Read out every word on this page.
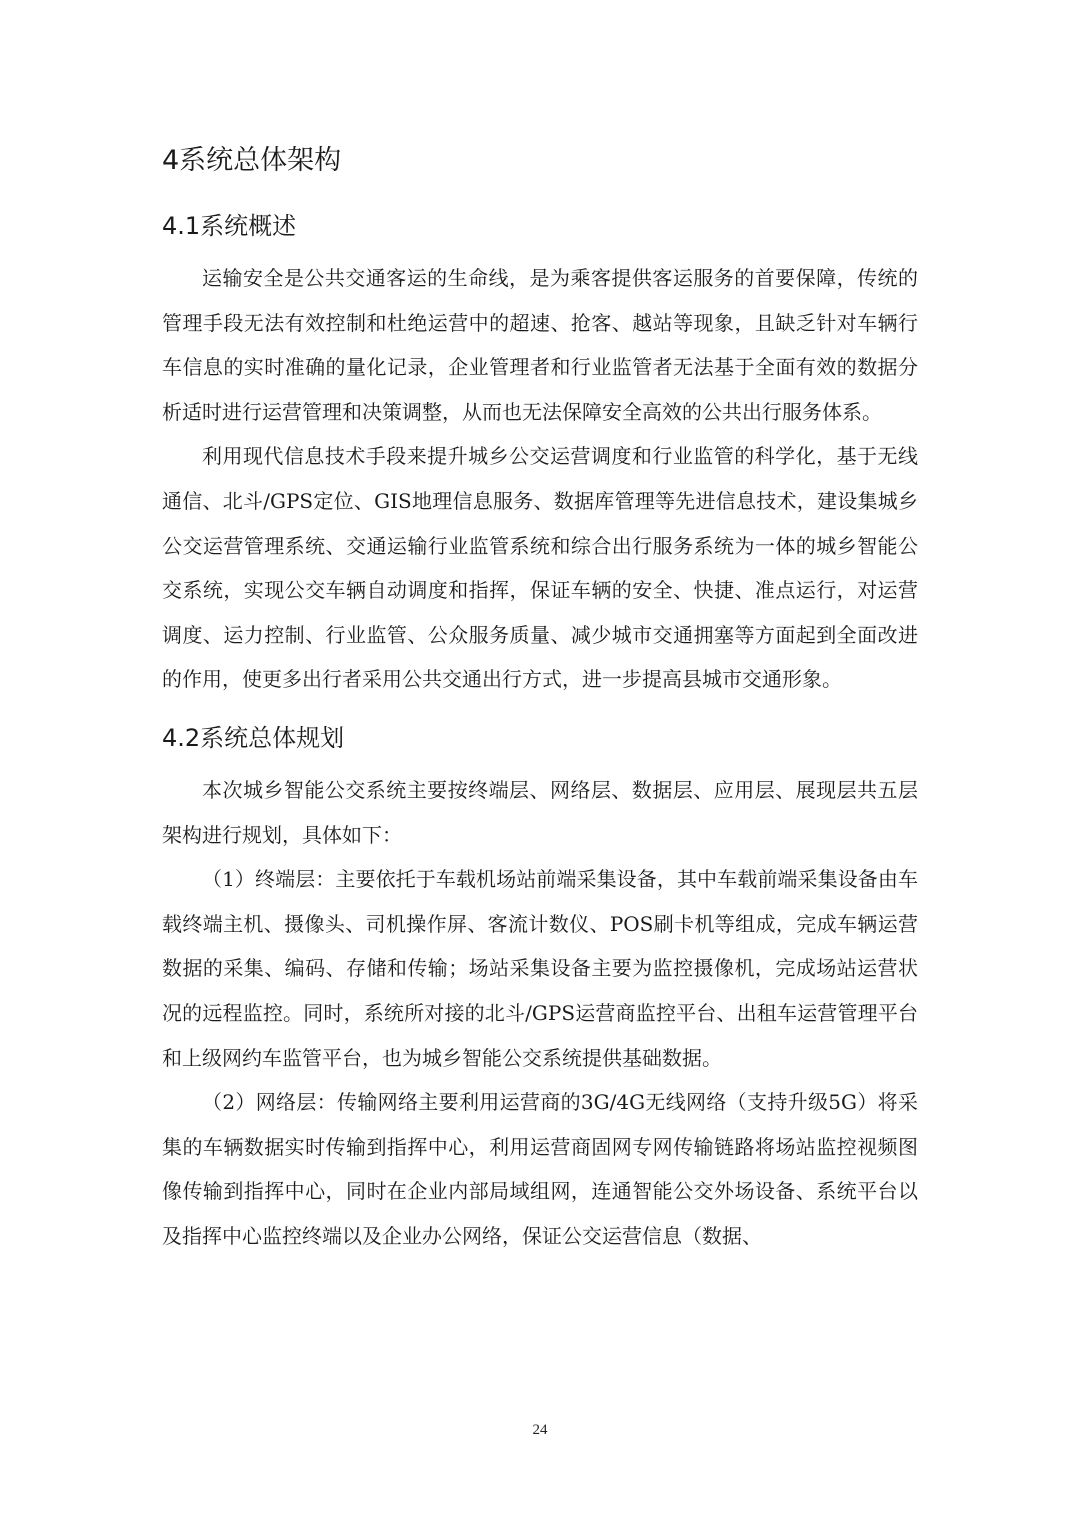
4系统总体架构
4.1系统概述

运输安全是公共交通客运的生命线，是为乘客提供客运服务的首要保障，传统的管理手段无法有效控制和杜绝运营中的超速、抢客、越站等现象，且缺乏针对车辆行车信息的实时准确的量化记录，企业管理者和行业监管者无法基于全面有效的数据分析适时进行运营管理和决策调整，从而也无法保障安全高效的公共出行服务体系。

利用现代信息技术手段来提升城乡公交运营调度和行业监管的科学化，基于无线通信、北斗/GPS定位、GIS地理信息服务、数据库管理等先进信息技术，建设集城乡公交运营管理系统、交通运输行业监管系统和综合出行服务系统为一体的城乡智能公交系统，实现公交车辆自动调度和指挥，保证车辆的安全、快捷、准点运行，对运营调度、运力控制、行业监管、公众服务质量、减少城市交通拥塞等方面起到全面改进的作用，使更多出行者采用公共交通出行方式，进一步提高县城市交通形象。

4.2系统总体规划

本次城乡智能公交系统主要按终端层、网络层、数据层、应用层、展现层共五层架构进行规划，具体如下：

（1）终端层：主要依托于车载机场站前端采集设备，其中车载前端采集设备由车载终端主机、摄像头、司机操作屏、客流计数仪、POS刷卡机等组成，完成车辆运营数据的采集、编码、存储和传输；场站采集设备主要为监控摄像机，完成场站运营状况的远程监控。同时，系统所对接的北斗/GPS运营商监控平台、出租车运营管理平台和上级网约车监管平台，也为城乡智能公交系统提供基础数据。

（2）网络层：传输网络主要利用运营商的3G/4G无线网络（支持升级5G）将采集的车辆数据实时传输到指挥中心，利用运营商固网专网传输链路将场站监控视频图像传输到指挥中心，同时在企业内部局域组网，连通智能公交外场设备、系统平台以及指挥中心监控终端以及企业办公网络，保证公交运营信息（数据、

24
